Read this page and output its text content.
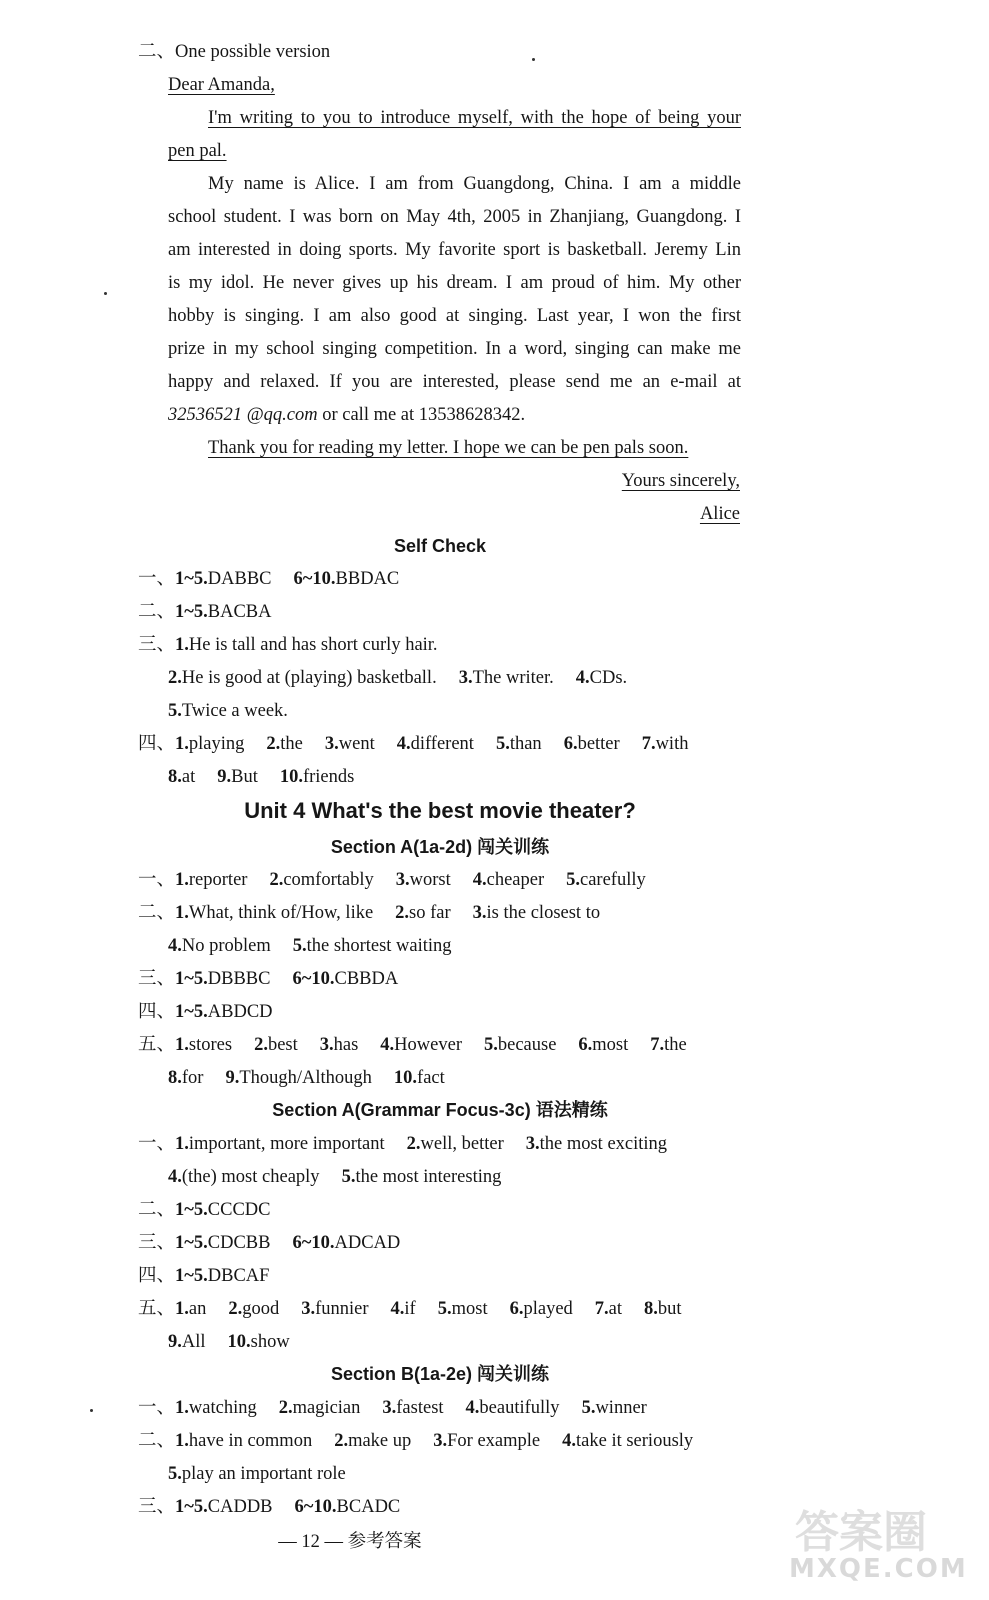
二、One possible version
Dear Amanda,
I'm writing to you to introduce myself, with the hope of being your
pen pal.
My name is Alice. I am from Guangdong, China. I am a middle
school student. I was born on May 4th, 2005 in Zhanjiang, Guangdong. I
am interested in doing sports. My favorite sport is basketball. Jeremy Lin
is my idol. He never gives up his dream. I am proud of him. My other
hobby is singing. I am also good at singing. Last year, I won the first
prize in my school singing competition. In a word, singing can make me
happy and relaxed. If you are interested, please send me an e-mail at
32536521 @qq.com or call me at 13538628342.
Thank you for reading my letter. I hope we can be pen pals soon.
Yours sincerely,
Alice
Self Check
一、1~5.DABBC 6~10.BBDAC
二、1~5.BACBA
三、1.He is tall and has short curly hair.
2.He is good at (playing) basketball. 3.The writer. 4.CDs.
5.Twice a week.
四、1.playing 2.the 3.went 4.different 5.than 6.better 7.with
8.at 9.But 10.friends
Unit 4 What's the best movie theater?
Section A(1a-2d) 闯关训练
一、1.reporter 2.comfortably 3.worst 4.cheaper 5.carefully
二、1.What, think of/How, like 2.so far 3.is the closest to
4.No problem 5.the shortest waiting
三、1~5.DBBBC 6~10.CBBDA
四、1~5.ABDCD
五、1.stores 2.best 3.has 4.However 5.because 6.most 7.the
8.for 9.Though/Although 10.fact
Section A(Grammar Focus-3c) 语法精练
一、1.important, more important 2.well, better 3.the most exciting
4.(the) most cheaply 5.the most interesting
二、1~5.CCCDC
三、1~5.CDCBB 6~10.ADCAD
四、1~5.DBCAF
五、1.an 2.good 3.funnier 4.if 5.most 6.played 7.at 8.but
9.All 10.show
Section B(1a-2e) 闯关训练
一、1.watching 2.magician 3.fastest 4.beautifully 5.winner
二、1.have in common 2.make up 3.For example 4.take it seriously
5.play an important role
三、1~5.CADDB 6~10.BCADC
— 12 — 参考答案	答案圈
MXQE.COM
